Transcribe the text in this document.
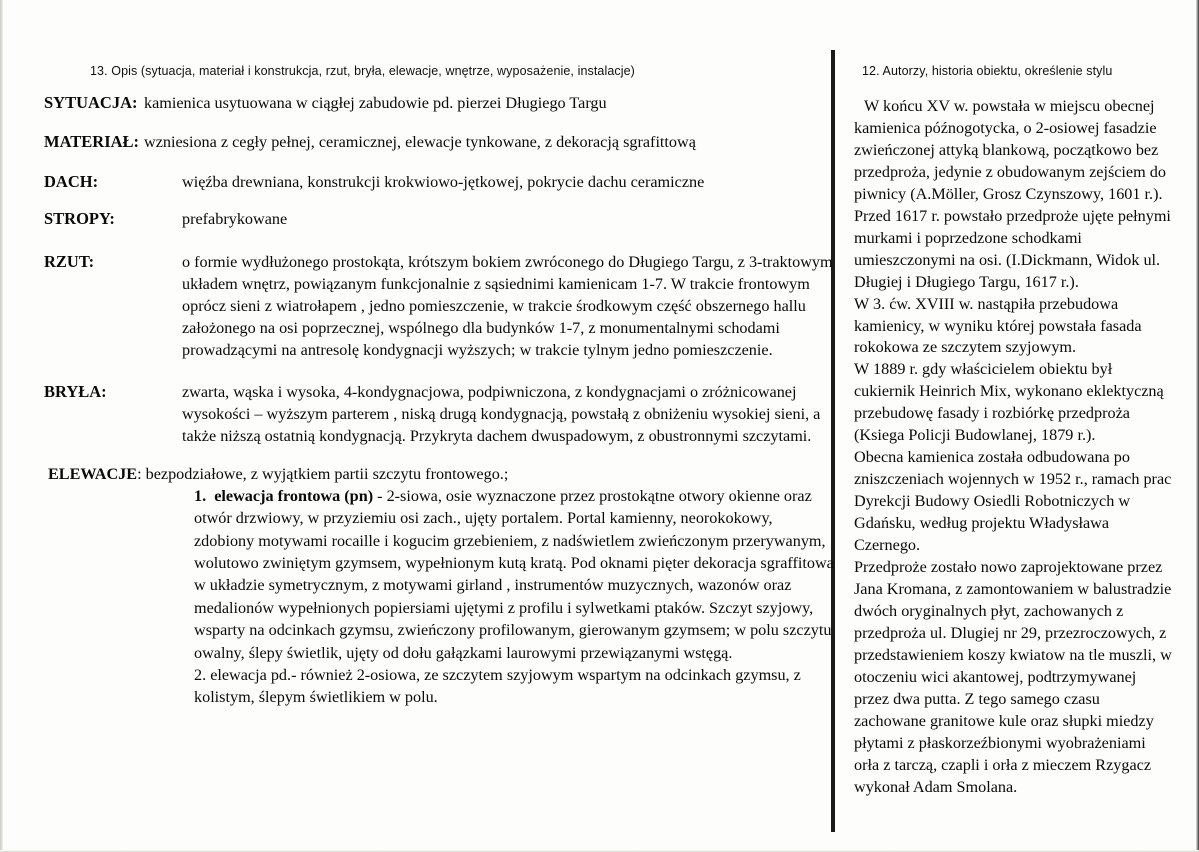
13. Opis (sytuacja, materiał i konstrukcja, rzut, bryła, elewacje, wnętrze, wyposażenie, instalacje)
SYTUACJA: kamienica usytuowana w ciągłej zabudowie pd. pierzei Długiego Targu
MATERIAŁ: wzniesiona z cegły pełnej, ceramicznej, elewacje tynkowane, z dekoracją sgrafittową
DACH:	więźba drewniana, konstrukcji krokwiowo-jętkowej, pokrycie dachu ceramiczne
STROPY:	prefabrykowane
RZUT:	o formie wydłużonego prostokąta, krótszym bokiem zwróconego do Długiego Targu, z 3-traktowym układem wnętrz, powiązanym funkcjonalnie z sąsiednimi kamienicam 1-7. W trakcie frontowym oprócz sieni z wiatrołapem , jedno pomieszczenie, w trakcie środkowym część obszernego hallu założonego na osi poprzecznej, wspólnego dla budynków 1-7, z monumentalnymi schodami prowadzącymi na antresolę kondygnacji wyższych; w trakcie tylnym jedno pomieszczenie.
BRYŁA:	zwarta, wąska i wysoka, 4-kondygnacjowa, podpiwniczona, z kondygnacjami o zróżnicowanej wysokości – wyższym parterem , niską drugą kondygnacją, powstałą z obniżeniu wysokiej sieni, a także niższą ostatnią kondygnacją. Przykryta dachem dwuspadowym, z obustronnymi szczytami.
ELEWACJE: bezpodziałowe, z wyjątkiem partii szczytu frontowego.;
1. elewacja frontowa (pn) - 2-siowa, osie wyznaczone przez prostokątne otwory okienne oraz otwór drzwiowy, w przyziemiu osi zach., ujęty portalem. Portal kamienny, neorokokowy, zdobiony motywami rocaille i kogucim grzebieniem, z nadświetlem zwieńczonym przerywanym, wolutowo zwiniętym gzymsem, wypełnionym kutą kratą. Pod oknami pięter dekoracja sgraffitowa w układzie symetrycznym, z motywami girland , instrumentów muzycznych, wazonów oraz medalionów wypełnionych popiersiami ujętymi z profilu i sylwetkami ptaków. Szczyt szyjowy, wsparty na odcinkach gzymsu, zwieńczony profilowanym, gierowanym gzymsem; w polu szczytu owalny, ślepy świetlik, ujęty od dołu gałązkami laurowymi przewiązanymi wstęgą.
2. elewacja pd.- również 2-osiowa, ze szczytem szyjowym wspartym na odcinkach gzymsu, z kolistym, ślepym świetlikiem w polu.
12. Autorzy, historia obiektu, określenie stylu

W końcu XV w. powstała w miejscu obecnej kamienica późnogotycka, o 2-osiowej fasadzie zwieńczonej attyką blankową, początkowo bez przedproża, jedynie z obudowanym zejściem do piwnicy (A.Möller, Grosz Czynszowy, 1601 r.). Przed 1617 r. powstało przedproże ujęte pełnymi murkami i poprzedzone schodkami umieszczonymi na osi. (I.Dickmann, Widok ul. Długiej i Długiego Targu, 1617 r.).

W 3. ćw. XVIII w. nastąpiła przebudowa kamienicy, w wyniku której powstała fasada rokokowa ze szczytem szyjowym.

W 1889 r. gdy właścicielem obiektu był cukiernik Heinrich Mix, wykonano eklektyczną przebudowę fasady i rozbiórkę przedproża (Ksiega Policji Budowlanej, 1879 r.).

Obecna kamienica została odbudowana po zniszczeniach wojennych w 1952 r., ramach prac Dyrekcji Budowy Osiedli Robotniczych w Gdańsku, według projektu Władysława Czernego.

Przedproże zostało nowo zaprojektowane przez Jana Kromana, z zamontowaniem w balustradzie dwóch oryginalnych płyt, zachowanych z przedproża ul. Dlugiej nr 29, przezroczowych, z przedstawieniem koszy kwiatow na tle muszli, w otoczeniu wici akantowej, podtrzymywanej przez dwa putta. Z tego samego czasu zachowane granitowe kule oraz słupki miedzy płytami z płaskorzeźbionymi wyobrażeniami orła z tarczą, czapli i orła z mieczem Rzygacz wykonał Adam Smolana.
